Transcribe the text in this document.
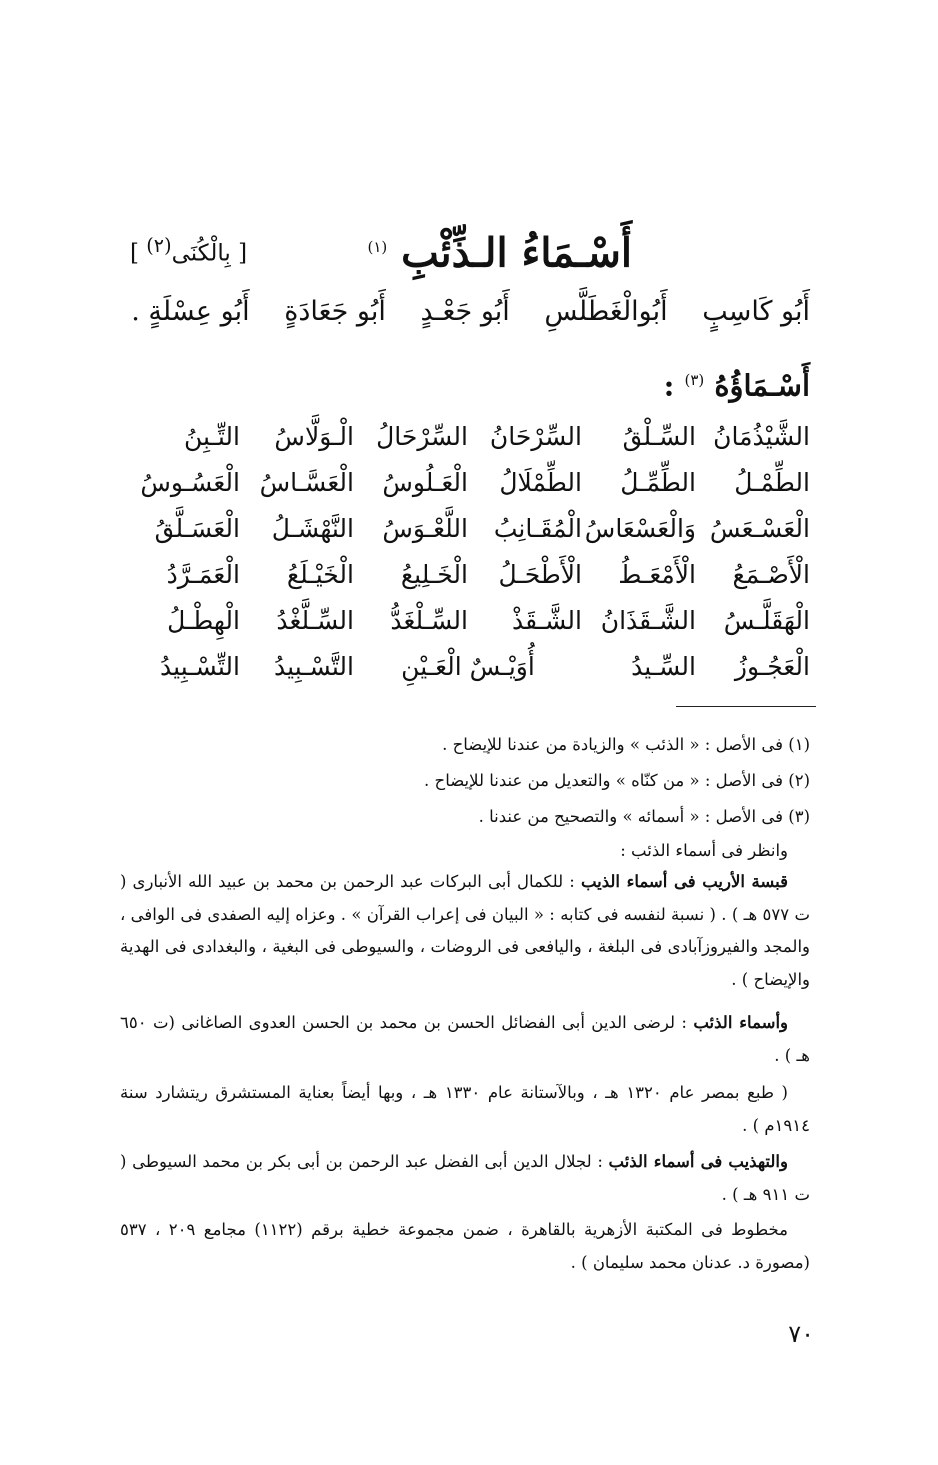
أَسْـمَاءُ الـذِّئْبِ $^{(١)}$
[ بِالْكُنَى$^{(٢)}$ ]
أَبُو كَاسِبٍ أَبُوالْغَطَلَّسِ أَبُو جَعْـدٍ أَبُو جَعَادَةٍ أَبُو عِسْلَةٍ .
أَسْـمَاؤُهُ $^{(٣)}$ :
الشَّيْذُمَانُ
السِّـلْقُ
السِّرْحَانُ
السِّرْحَالُ
الْـوَلَّاسُ
التِّـبِنُ
الطِّمْـلُ
الطِّمِّـلُ
الطِّمْلَالُ
الْعَـلُوسُ
الْعَسَّـاسُ
الْعَسُـوسُ
الْعَسْـعَسُ
وَالْعَسْعَاسُ
الْمُقَـانِبُ
اللَّعْـوَسُ
النَّهْشَـلُ
الْعَسَـلَّقُ
الْأَصْـمَعُ
الْأَمْعَـطُ
الْأَطْحَـلُ
الْخَـلِيعُ
الْخَيْـلَعُ
الْعَمَـرَّدُ
الْهَقَلَّـسُ
الشَّـقَذَانُ
الشَّـقَذْ
السِّـلْغَدُّ
السِّـلَّغْدُ
الْهِطْـلُ
الْعَجُـوزُ
السِّـيدُ
أُوَيْـسٌ الْعَـيْنِ
التَّسْـبِيدُ
التِّسْـبِيدُ
(١) فى الأصل : « الذئب » والزيادة من عندنا للإيضاح .
(٢) فى الأصل : « من كنّاه » والتعديل من عندنا للإيضاح .
(٣) فى الأصل : « أسمائه » والتصحيح من عندنا .
وانظر فى أسماء الذئب :
قبسة الأريب فى أسماء الذيب : للكمال أبى البركات عبد الرحمن بن محمد بن عبيد الله الأنبارى ( ت ٥٧٧ هـ ) . ( نسبة لنفسه فى كتابه : « البيان فى إعراب القرآن » . وعزاه إليه الصفدى فى الوافى ، والمجد والفيروزآبادى فى البلغة ، واليافعى فى الروضات ، والسيوطى فى البغية ، والبغدادى فى الهدية والإيضاح ) .
وأسماء الذئب : لرضى الدين أبى الفضائل الحسن بن محمد بن الحسن العدوى الصاغانى (ت ٦٥٠ هـ ) .
( طبع بمصر عام ١٣٢٠ هـ ، وبالآستانة عام ١٣٣٠ هـ ، وبها أيضاً بعناية المستشرق ريتشارد سنة ١٩١٤م ) .
والتهذيب فى أسماء الذئب : لجلال الدين أبى الفضل عبد الرحمن بن أبى بكر بن محمد السيوطى ( ت ٩١١ هـ ) .
مخطوط فى المكتبة الأزهرية بالقاهرة ، ضمن مجموعة خطية برقم (١١٢٢) مجامع ٢٠٩ ، ٥٣٧ (مصورة د. عدنان محمد سليمان ) .
٧٠
